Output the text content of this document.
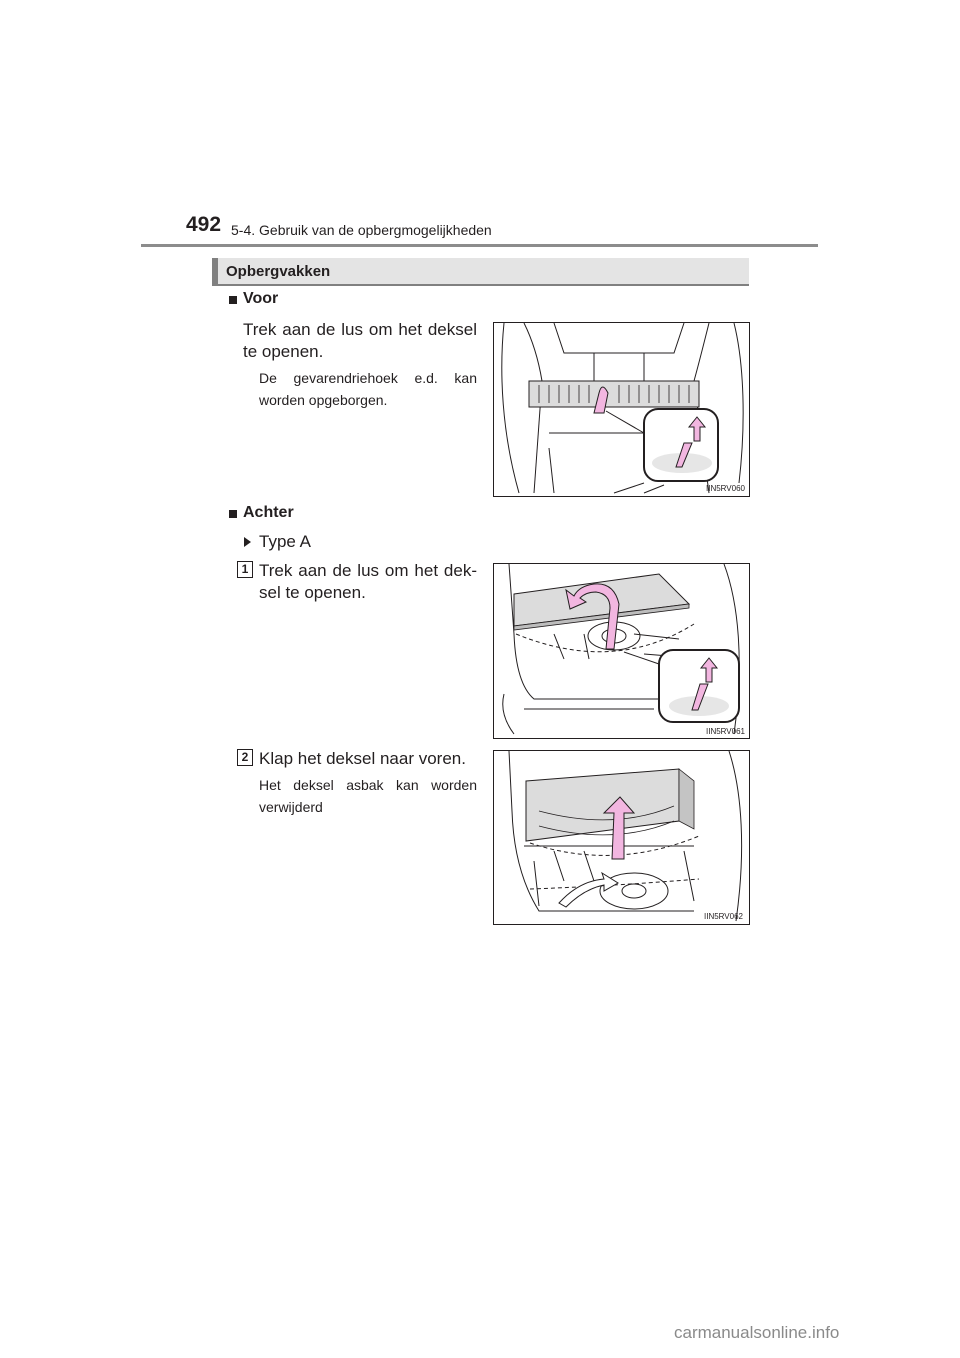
492 5-4. Gebruik van de opbergmogelijkheden
Opbergvakken
Voor
Trek aan de lus om het deksel te openen.
De gevarendriehoek e.d. kan worden opgeborgen.
IIN5RV060
Achter
Type A
1 Trek aan de lus om het dek-sel te openen.
IIN5RV061
2 Klap het deksel naar voren.
Het deksel asbak kan worden verwijderd
IIN5RV062
carmanualsonline.info
